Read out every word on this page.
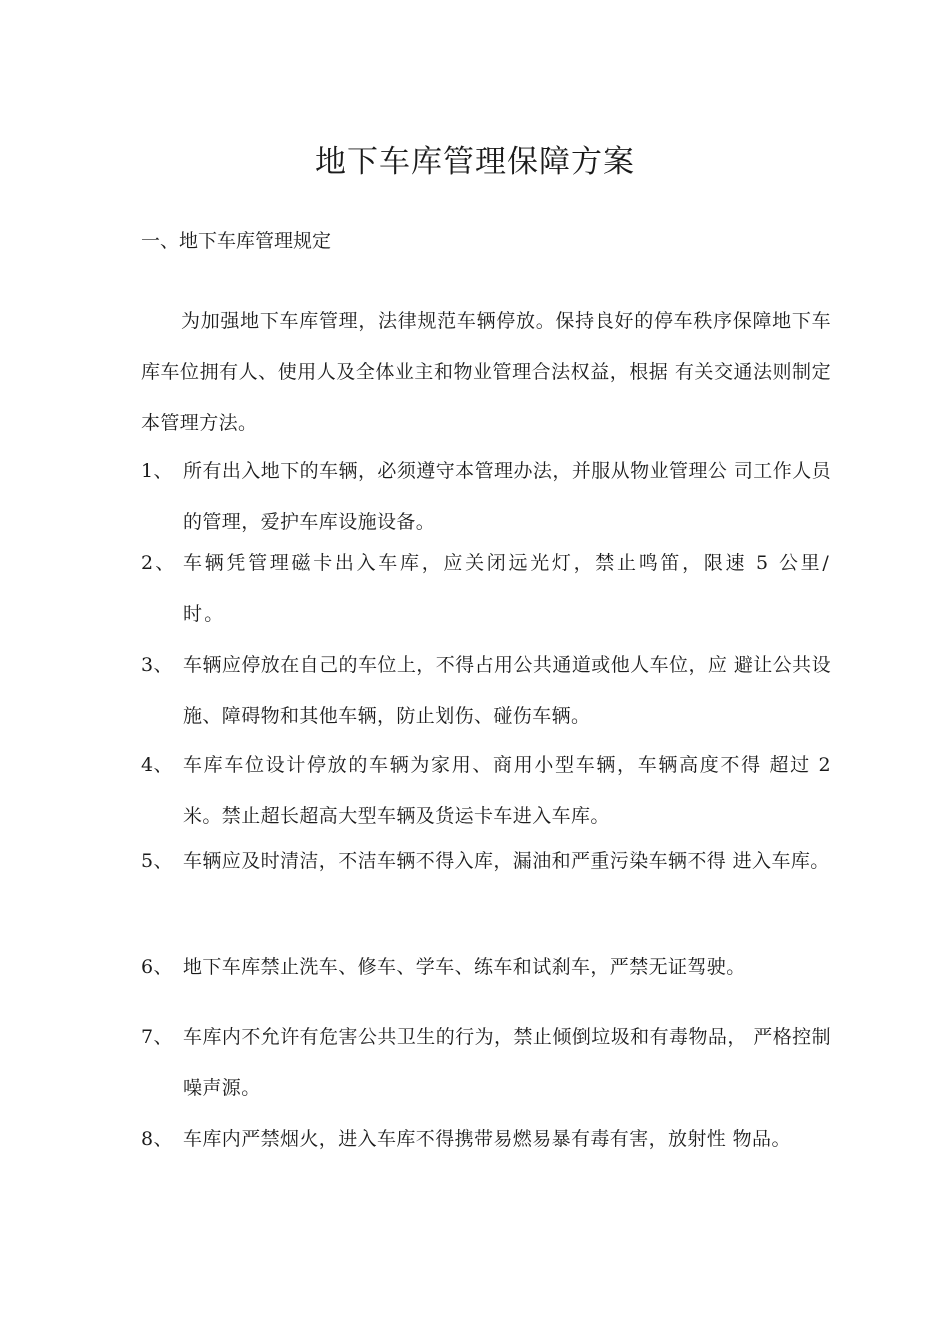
地下车库管理保障方案
一、地下车库管理规定
为加强地下车库管理，法律规范车辆停放。保持良好的停车秩序保障地下车库车位拥有人、使用人及全体业主和物业管理合法权益，根据 有关交通法则制定本管理方法。
1、 所有出入地下的车辆，必须遵守本管理办法，并服从物业管理公 司工作人员的管理，爱护车库设施设备。
2、 车辆凭管理磁卡出入车库，应关闭远光灯，禁止鸣笛，限速 5 公里/时。
3、 车辆应停放在自己的车位上，不得占用公共通道或他人车位，应 避让公共设施、障碍物和其他车辆，防止划伤、碰伤车辆。
4、 车库车位设计停放的车辆为家用、商用小型车辆，车辆高度不得 超过 2 米。禁止超长超高大型车辆及货运卡车进入车库。
5、 车辆应及时清洁，不洁车辆不得入库，漏油和严重污染车辆不得 进入车库。
6、 地下车库禁止洗车、修车、学车、练车和试刹车，严禁无证驾驶。
7、 车库内不允许有危害公共卫生的行为，禁止倾倒垃圾和有毒物品， 严格控制噪声源。
8、 车库内严禁烟火，进入车库不得携带易燃易暴有毒有害，放射性 物品。
